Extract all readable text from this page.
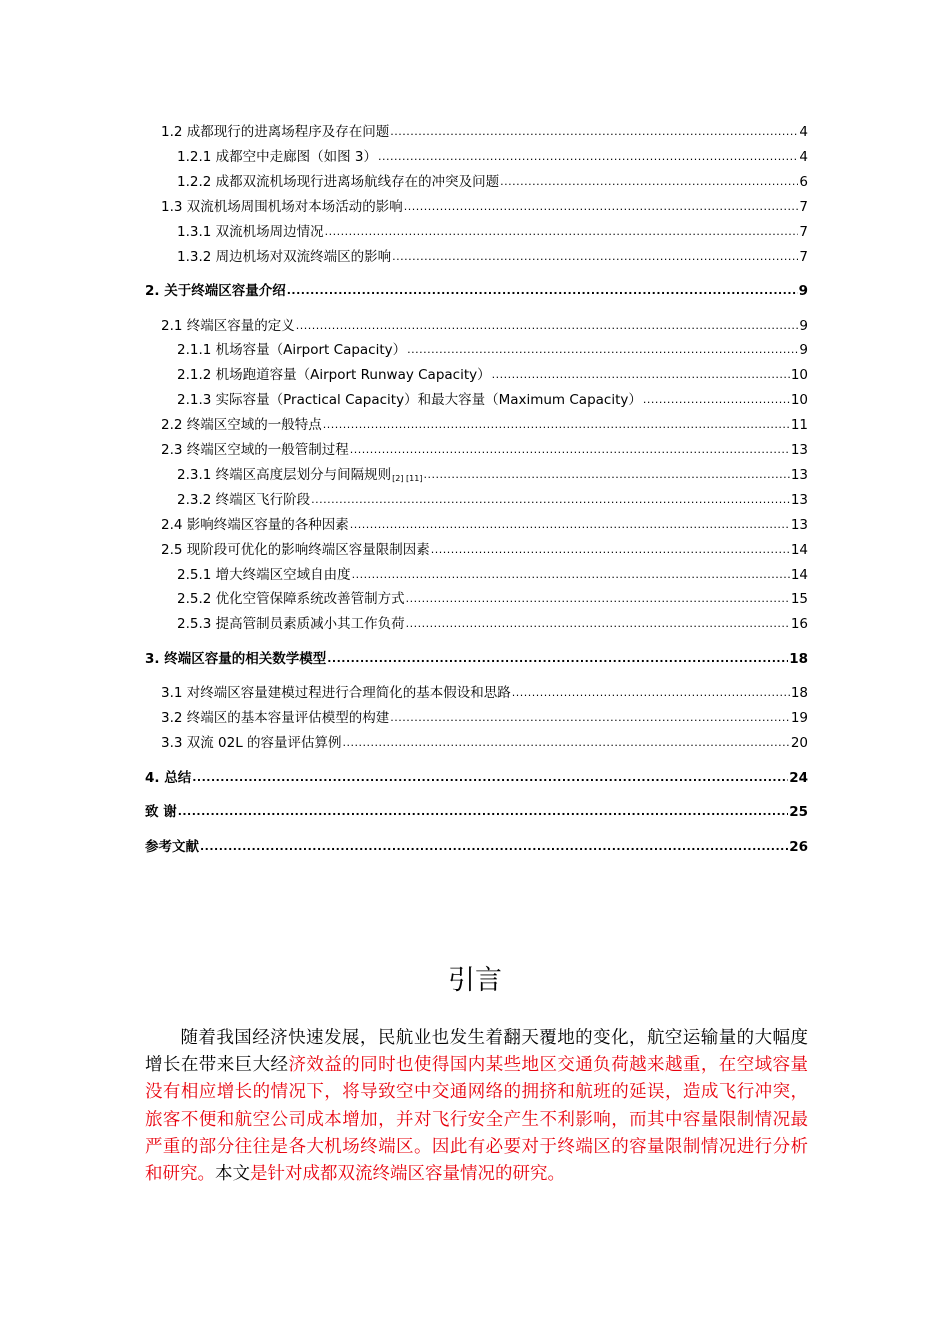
1.2 成都现行的进离场程序及存在问题 .....	4
1.2.1 成都空中走廊图（如图 3） .....	4
1.2.2 成都双流机场现行进离场航线存在的冲突及问题 .....	6
1.3 双流机场周围机场对本场活动的影响 .....	7
1.3.1 双流机场周边情况 .....	7
1.3.2 周边机场对双流终端区的影响 .....	7
2. 关于终端区容量介绍 .....	9
2.1 终端区容量的定义 .....	9
2.1.1 机场容量（Airport Capacity） .....	9
2.1.2 机场跑道容量（Airport Runway Capacity） .....	10
2.1.3 实际容量（Practical Capacity）和最大容量（Maximum Capacity） .....	10
2.2 终端区空域的一般特点 .....	11
2.3 终端区空域的一般管制过程 .....	13
2.3.1 终端区高度层划分与间隔规则$_{[2] [11]}$ .....	13
2.3.2 终端区飞行阶段 .....	13
2.4 影响终端区容量的各种因素 .....	13
2.5 现阶段可优化的影响终端区容量限制因素 .....	14
2.5.1 增大终端区空域自由度 .....	14
2.5.2 优化空管保障系统改善管制方式 .....	15
2.5.3 提高管制员素质减小其工作负荷 .....	16
3. 终端区容量的相关数学模型 .....	18
3.1 对终端区容量建模过程进行合理简化的基本假设和思路 .....	18
3.2 终端区的基本容量评估模型的构建 .....	19
3.3 双流 02L 的容量评估算例 .....	20
4. 总结 .....	24
致 谢 .....	25
参考文献 .....	26
引言
  随着我国经济快速发展，民航业也发生着翻天覆地的变化，航空运输量的大幅度增长在带来巨大经济效益的同时也使得国内某些地区交通负荷越来越重，在空域容量没有相应增长的情况下，将导致空中交通网络的拥挤和航班的延误，造成飞行冲突，旅客不便和航空公司成本增加，并对飞行安全产生不利影响，而其中容量限制情况最严重的部分往往是各大机场终端区。因此有必要对于终端区的容量限制情况进行分析和研究。本文是针对成都双流终端区容量情况的研究。
